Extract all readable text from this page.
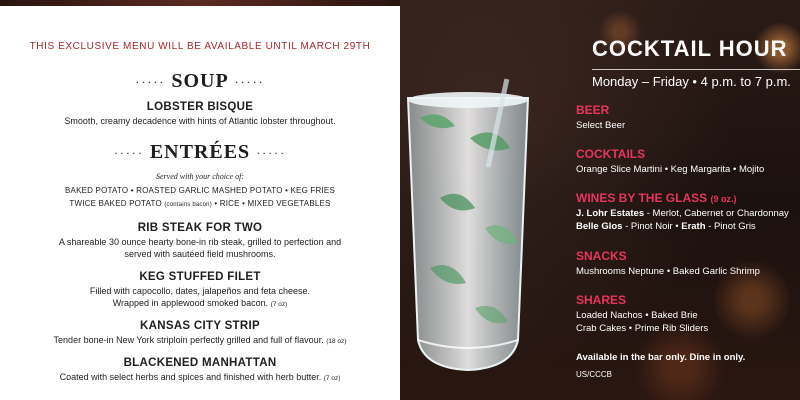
THIS EXCLUSIVE MENU WILL BE AVAILABLE UNTIL MARCH 29TH
····· SOUP ·····
LOBSTER BISQUE
Smooth, creamy decadence with hints of Atlantic lobster throughout.
····· ENTRÉES ·····
Served with your choice of:
BAKED POTATO • ROASTED GARLIC MASHED POTATO • KEG FRIES
TWICE BAKED POTATO (contains bacon) • RICE • MIXED VEGETABLES
RIB STEAK FOR TWO
A shareable 30 ounce hearty bone-in rib steak, grilled to perfection and
served with sautéed field mushrooms.
KEG STUFFED FILET
Filled with capocollo, dates, jalapeños and feta cheese.
Wrapped in applewood smoked bacon. (7 oz)
KANSAS CITY STRIP
Tender bone-in New York striploin perfectly grilled and full of flavour. (18 oz)
BLACKENED MANHATTAN
Coated with select herbs and spices and finished with herb butter. (7 oz)
COCKTAIL HOUR
Monday – Friday • 4 p.m. to 7 p.m.
BEER
Select Beer
COCKTAILS
Orange Slice Martini • Keg Margarita • Mojito
WINES BY THE GLASS (9 oz.)
J. Lohr Estates - Merlot, Cabernet or Chardonnay
Belle Glos - Pinot Noir • Erath - Pinot Gris
SNACKS
Mushrooms Neptune • Baked Garlic Shrimp
SHARES
Loaded Nachos • Baked Brie
Crab Cakes • Prime Rib Sliders
Available in the bar only. Dine in only.
US/CCCB
